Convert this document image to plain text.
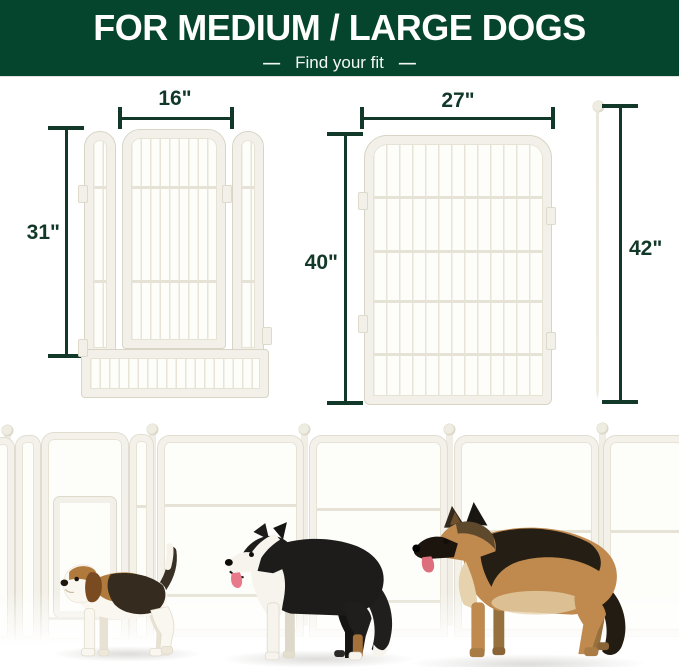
FOR MEDIUM / LARGE DOGS
— Find your fit —
16"
31"
27"
40"
42"
